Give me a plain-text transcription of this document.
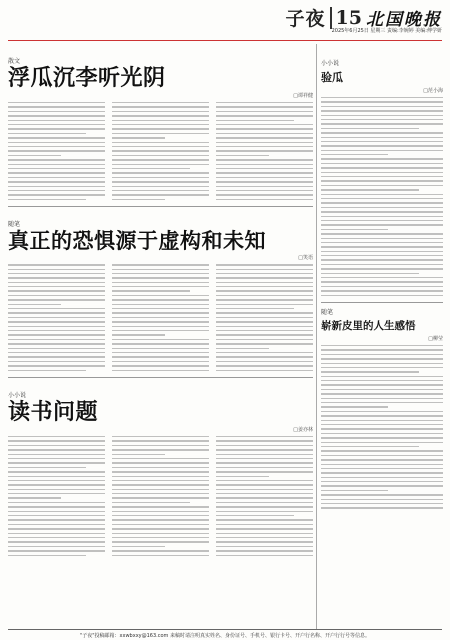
子夜 15 北国晚报
2025年6月25日 星期三 责编:李婉婷 美编:傅学妍
散文
浮瓜沉李听光阴
□谭祥健
随笔
真正的恐惧源于虚构和未知
□笑语
小小说
读书问题
□姜亦林
小小说
验瓜
□范小海
随笔
崭新皮里的人生感悟
□柳莹
"子夜"投稿邮箱：xxwbxxy@163.com 来稿时请注明真实姓名、身份证号、手机号、银行卡号、开户行名称、开户行行号等信息。
